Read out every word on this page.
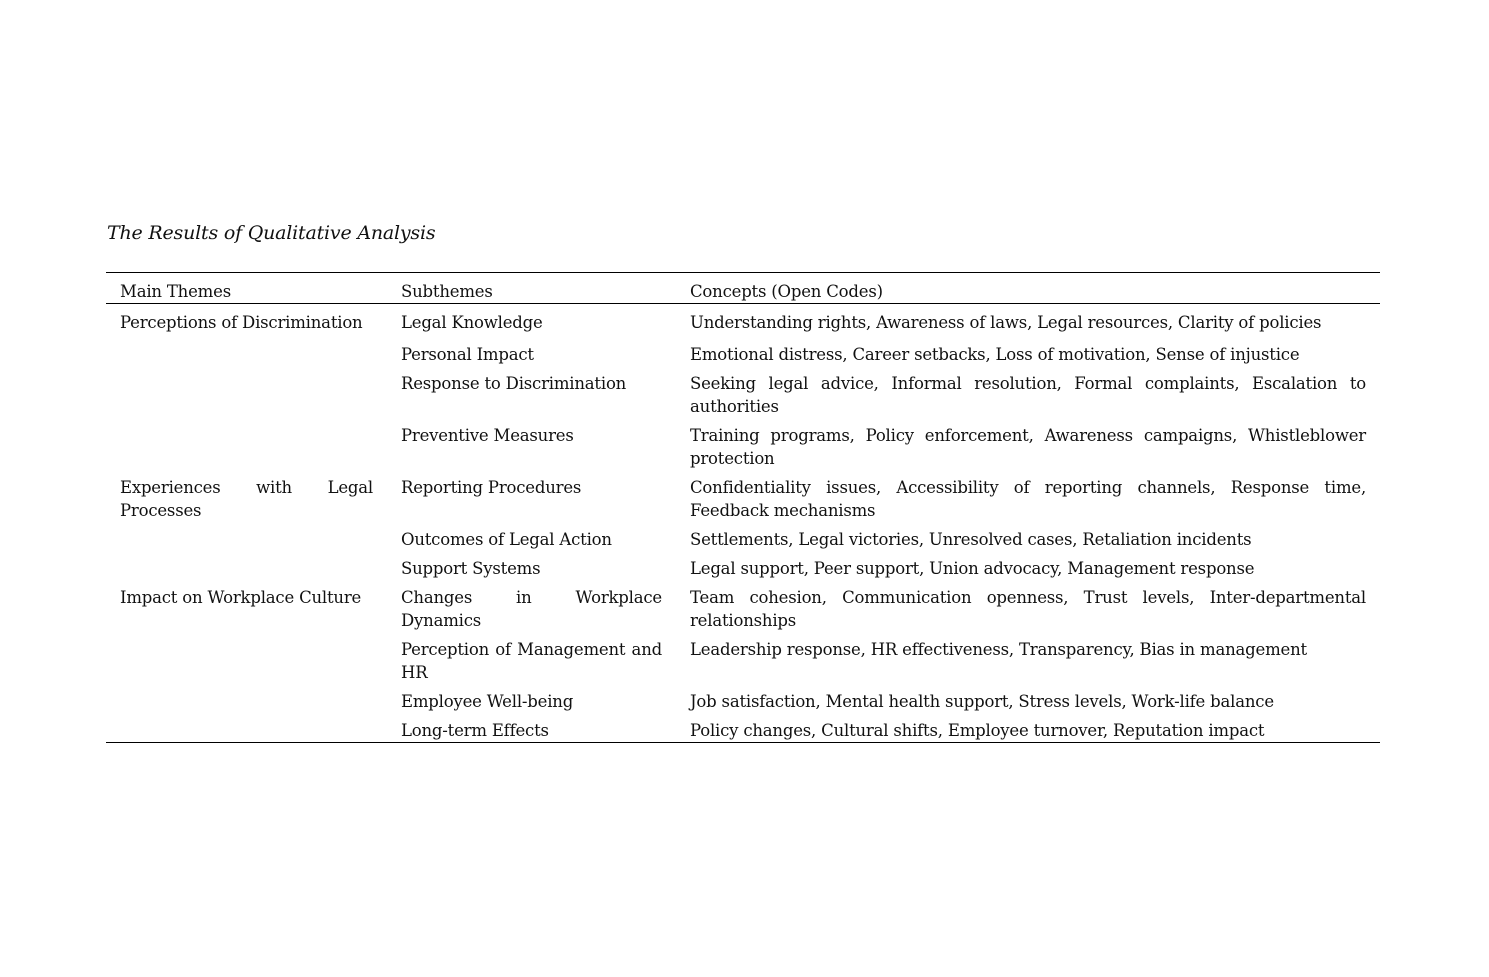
The Results of Qualitative Analysis
Main Themes	Subthemes	Concepts (Open Codes)
Perceptions of Discrimination	Legal Knowledge	Understanding rights, Awareness of laws, Legal resources, Clarity of policies
	Personal Impact	Emotional distress, Career setbacks, Loss of motivation, Sense of injustice
	Response to Discrimination	Seeking legal advice, Informal resolution, Formal complaints, Escalation to authorities
	Preventive Measures	Training programs, Policy enforcement, Awareness campaigns, Whistleblower protection
Experiences with Legal Processes	Reporting Procedures	Confidentiality issues, Accessibility of reporting channels, Response time, Feedback mechanisms
	Outcomes of Legal Action	Settlements, Legal victories, Unresolved cases, Retaliation incidents
	Support Systems	Legal support, Peer support, Union advocacy, Management response
Impact on Workplace Culture	Changes in Workplace Dynamics	Team cohesion, Communication openness, Trust levels, Inter-departmental relationships
	Perception of Management and HR	Leadership response, HR effectiveness, Transparency, Bias in management
	Employee Well-being	Job satisfaction, Mental health support, Stress levels, Work-life balance
	Long-term Effects	Policy changes, Cultural shifts, Employee turnover, Reputation impact
